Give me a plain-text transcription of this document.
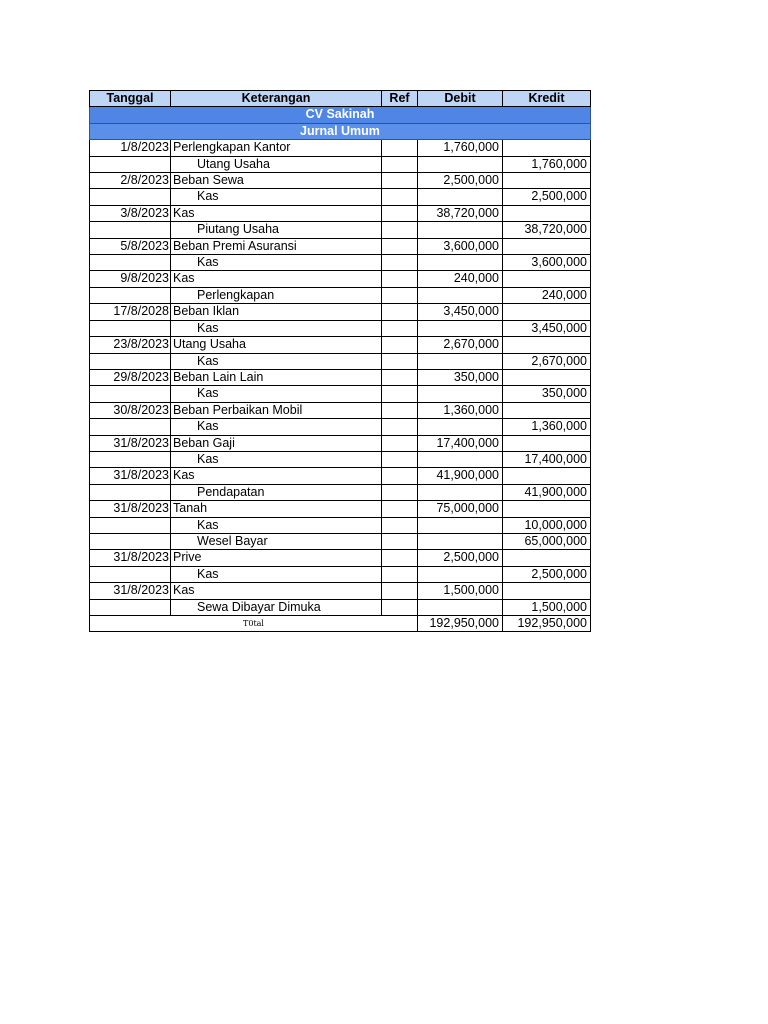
CV Sakinah				
Jurnal Umum				
Tanggal	Keterangan	Ref	Debit	Kredit
1/8/2023	Perlengkapan Kantor		1,760,000	
	Utang Usaha			1,760,000
2/8/2023	Beban Sewa		2,500,000	
	Kas			2,500,000
3/8/2023	Kas		38,720,000	
	Piutang Usaha			38,720,000
5/8/2023	Beban Premi Asuransi		3,600,000	
	Kas			3,600,000
9/8/2023	Kas		240,000	
	Perlengkapan			240,000
17/8/2028	Beban Iklan		3,450,000	
	Kas			3,450,000
23/8/2023	Utang Usaha		2,670,000	
	Kas			2,670,000
29/8/2023	Beban Lain Lain		350,000	
	Kas			350,000
30/8/2023	Beban Perbaikan Mobil		1,360,000	
	Kas			1,360,000
31/8/2023	Beban Gaji		17,400,000	
	Kas			17,400,000
31/8/2023	Kas		41,900,000	
	Pendapatan			41,900,000
31/8/2023	Tanah		75,000,000	
	Kas			10,000,000
	Wesel Bayar			65,000,000
31/8/2023	Prive		2,500,000	
	Kas			2,500,000
31/8/2023	Kas		1,500,000	
	Sewa Dibayar Dimuka			1,500,000
T0tal			192,950,000	192,950,000
